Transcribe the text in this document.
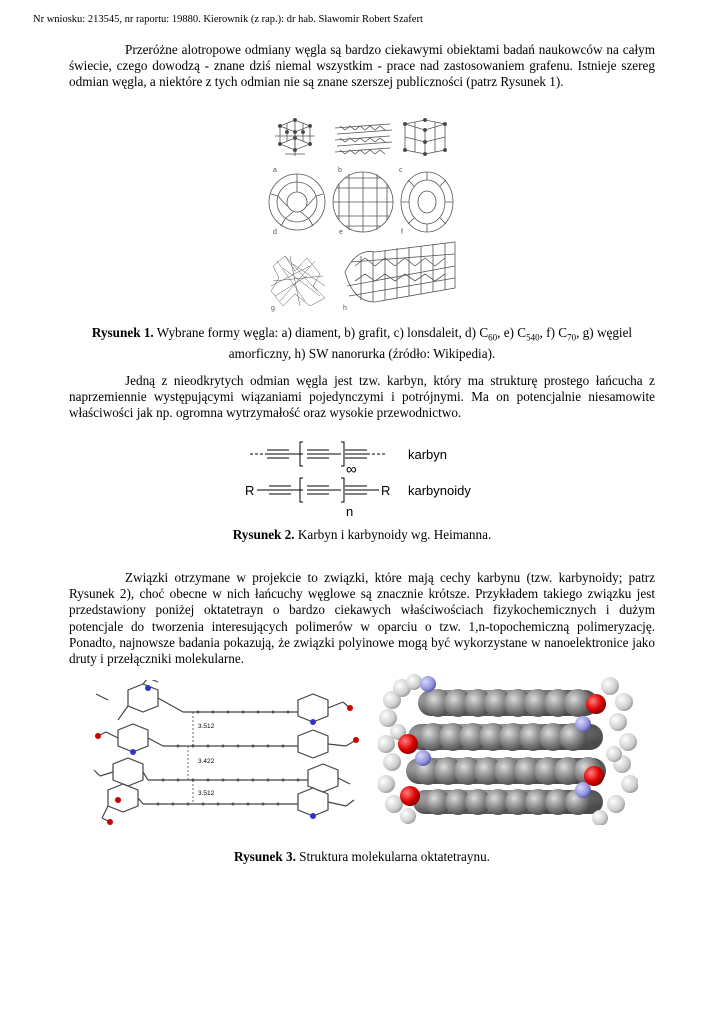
Nr wniosku: 213545, nr raportu: 19880. Kierownik (z rap.): dr hab. Sławomir Robert Szafert

Przeróżne alotropowe odmiany węgla są bardzo ciekawymi obiektami badań naukowców na całym świecie, czego dowodzą - znane dziś niemal wszystkim - prace nad zastosowaniem grafenu. Istnieje szereg odmian węgla, a niektóre z tych odmian nie są znane szerszej publiczności (patrz Rysunek 1).

a	b	c
d	e	f
g	h
Rysunek 1. Wybrane formy węgla: a) diament, b) grafit, c) lonsdaleit, d) $C_{60}$, e) $C_{540}$, f) $C_{70}$, g) węgiel amorficzny, h) SW nanorurka (źródło: Wikipedia).

Jedną z nieodkrytych odmian węgla jest tzw. karbyn, który ma strukturę prostego łańcucha z naprzemiennie występującymi wiązaniami pojedynczymi i potrójnymi. Ma on potencjalnie niesamowite właściwości jak np. ogromna wytrzymałość oraz wysokie przewodnictwo.

∞
n
R	R
karbyn
karbynoidy
Rysunek 2. Karbyn i karbynoidy wg. Heimanna.

Związki otrzymane w projekcie to związki, które mają cechy karbynu (tzw. karbynoidy; patrz Rysunek 2), choć obecne w nich łańcuchy węglowe są znacznie krótsze. Przykładem takiego związku jest przedstawiony poniżej oktatetrayn o bardzo ciekawych właściwościach fizykochemicznych i dużym potencjale do tworzenia interesujących polimerów w oparciu o tzw. 1,n-topochemiczną polimeryzację. Ponadto, najnowsze badania pokazują, że związki polyinowe mogą być wykorzystane w nanoelektronice jako druty i przełączniki molekularne.

3.512
3.422
3.512
Rysunek 3. Struktura molekularna oktatetraynu.
